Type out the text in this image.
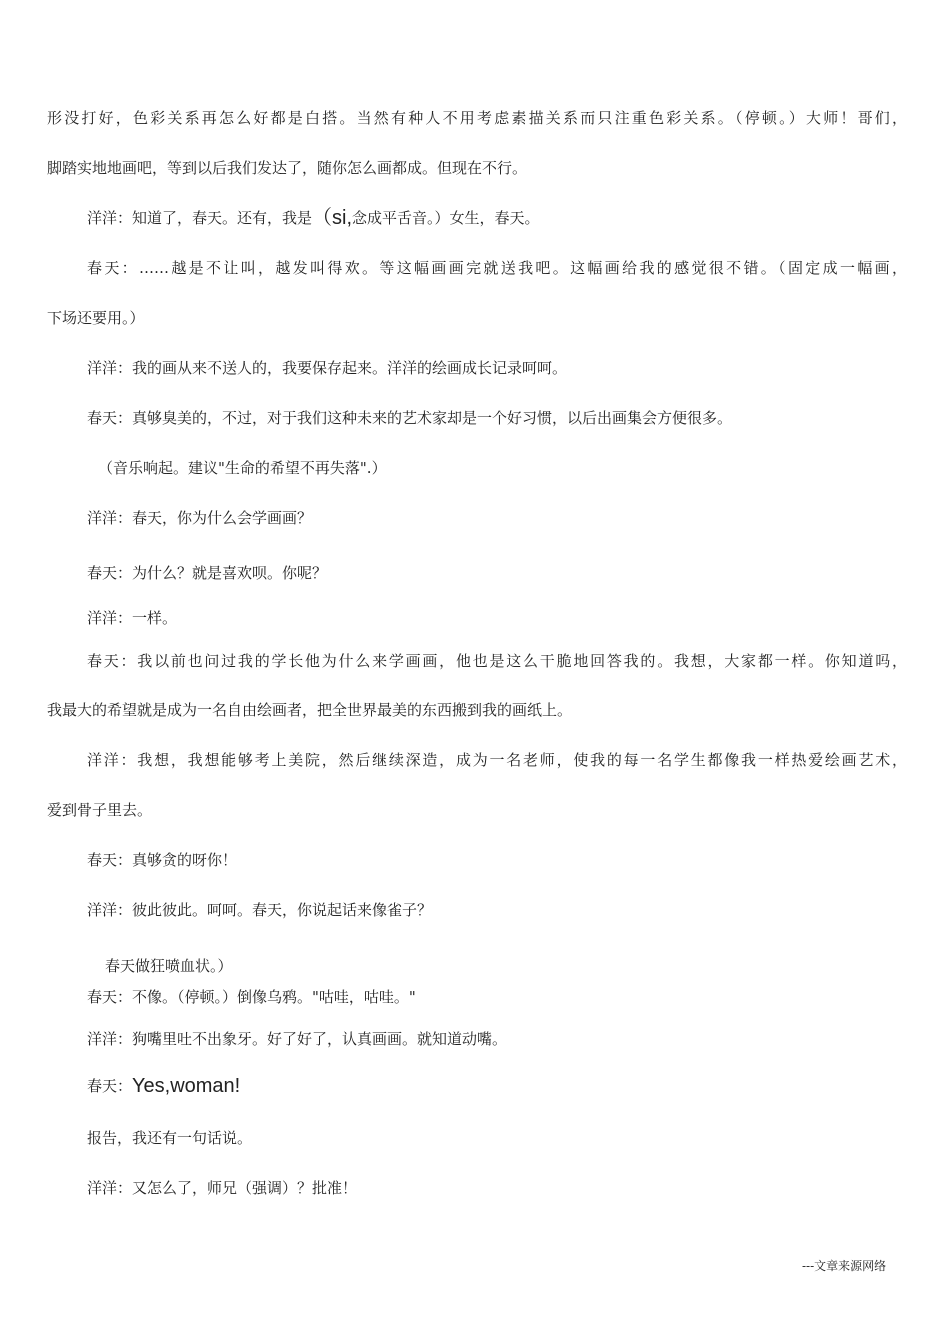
形没打好，色彩关系再怎么好都是白搭。当然有种人不用考虑素描关系而只注重色彩关系。（停顿。）大师！哥们，
脚踏实地地画吧，等到以后我们发达了，随你怎么画都成。但现在不行。
洋洋：知道了，春天。还有，我是（si,念成平舌音。）女生，春天。
春天：……越是不让叫，越发叫得欢。等这幅画画完就送我吧。这幅画给我的感觉很不错。（固定成一幅画，
下场还要用。）
洋洋：我的画从来不送人的，我要保存起来。洋洋的绘画成长记录呵呵。
春天：真够臭美的，不过，对于我们这种未来的艺术家却是一个好习惯，以后出画集会方便很多。
（音乐响起。建议"生命的希望不再失落".）
洋洋：春天，你为什么会学画画？
春天：为什么？就是喜欢呗。你呢？
洋洋：一样。
春天：我以前也问过我的学长他为什么来学画画，他也是这么干脆地回答我的。我想，大家都一样。你知道吗，
我最大的希望就是成为一名自由绘画者，把全世界最美的东西搬到我的画纸上。
洋洋：我想，我想能够考上美院，然后继续深造，成为一名老师，使我的每一名学生都像我一样热爱绘画艺术，
爱到骨子里去。
春天：真够贪的呀你！
洋洋：彼此彼此。呵呵。春天，你说起话来像雀子？
春天做狂喷血状。）
春天：不像。（停顿。）倒像乌鸦。"咕哇，咕哇。"
洋洋：狗嘴里吐不出象牙。好了好了，认真画画。就知道动嘴。
春天：Yes,woman!
报告，我还有一句话说。
洋洋：又怎么了，师兄（强调）？批准！
---文章来源网络
